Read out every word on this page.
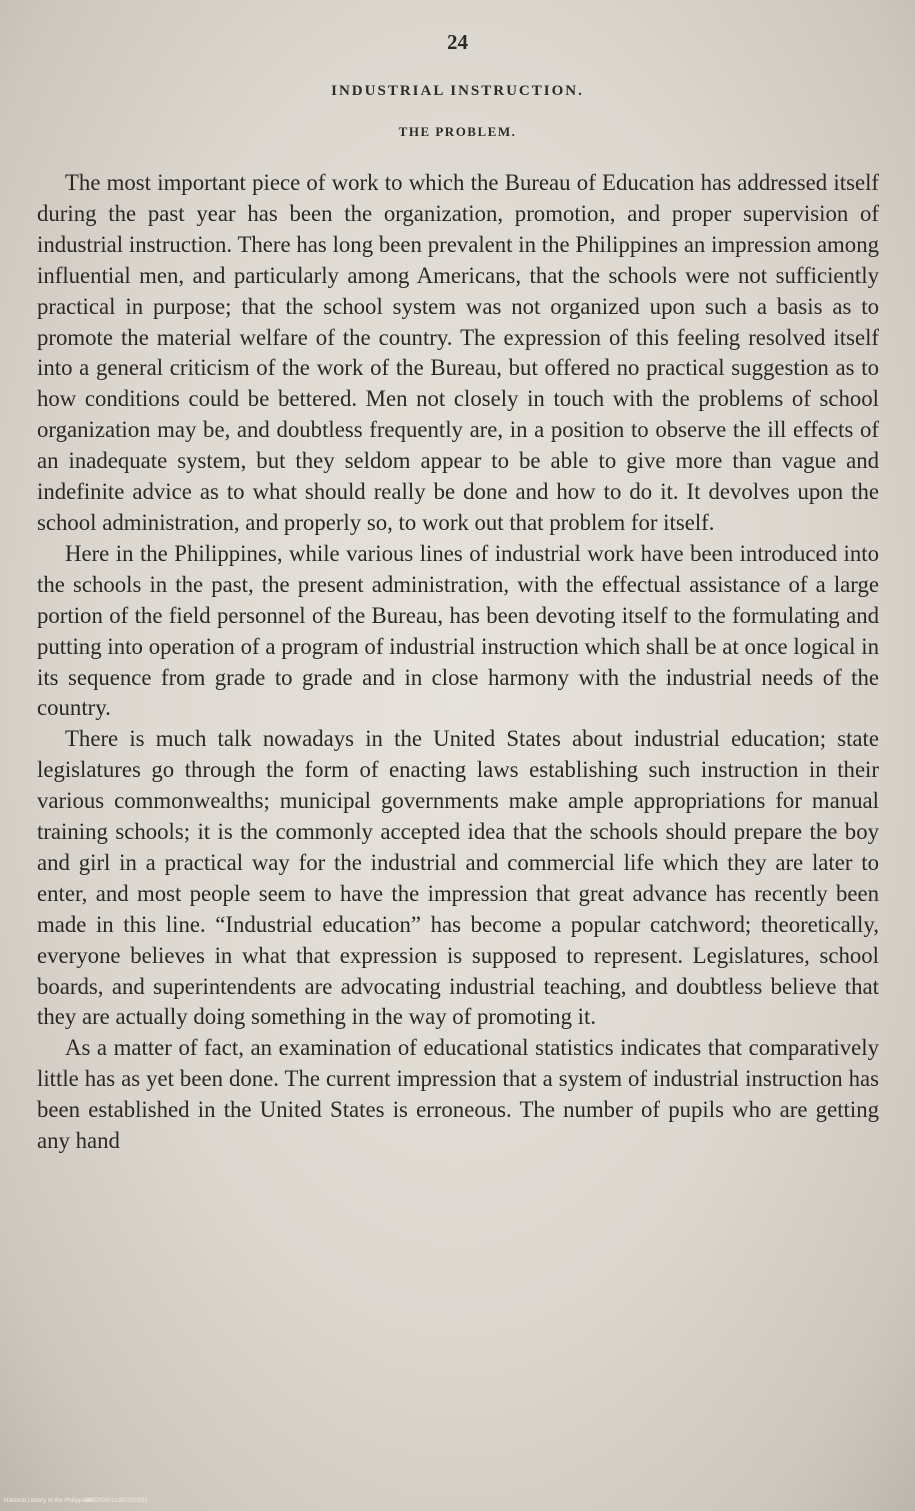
24
INDUSTRIAL INSTRUCTION.
THE PROBLEM.

The most important piece of work to which the Bureau of Education has addressed itself during the past year has been the organization, promotion, and proper supervision of industrial instruction. There has long been prevalent in the Philippines an impression among influential men, and particularly among Americans, that the schools were not sufficiently practical in purpose; that the school system was not organized upon such a basis as to promote the material welfare of the country. The expression of this feeling resolved itself into a general criticism of the work of the Bureau, but offered no practical suggestion as to how conditions could be bettered. Men not closely in touch with the problems of school organization may be, and doubtless frequently are, in a position to observe the ill effects of an inadequate system, but they seldom appear to be able to give more than vague and indefinite advice as to what should really be done and how to do it. It devolves upon the school administration, and properly so, to work out that problem for itself.

Here in the Philippines, while various lines of industrial work have been introduced into the schools in the past, the present administration, with the effectual assistance of a large portion of the field personnel of the Bureau, has been devoting itself to the formulating and putting into operation of a program of industrial instruction which shall be at once logical in its sequence from grade to grade and in close harmony with the industrial needs of the country.

There is much talk nowadays in the United States about industrial education; state legislatures go through the form of enacting laws establishing such instruction in their various commonwealths; municipal governments make ample appropriations for manual training schools; it is the commonly accepted idea that the schools should prepare the boy and girl in a practical way for the industrial and commercial life which they are later to enter, and most people seem to have the impression that great advance has recently been made in this line. “Industrial education” has become a popular catchword; theoretically, everyone believes in what that expression is supposed to represent. Legislatures, school boards, and superintendents are advocating industrial teaching, and doubtless believe that they are actually doing something in the way of promoting it.

As a matter of fact, an examination of educational statistics indicates that comparatively little has as yet been done. The current impression that a system of industrial instruction has been established in the United States is erroneous. The number of pupils who are getting any hand

National Library of the Philippines
DBEP00011397010831
